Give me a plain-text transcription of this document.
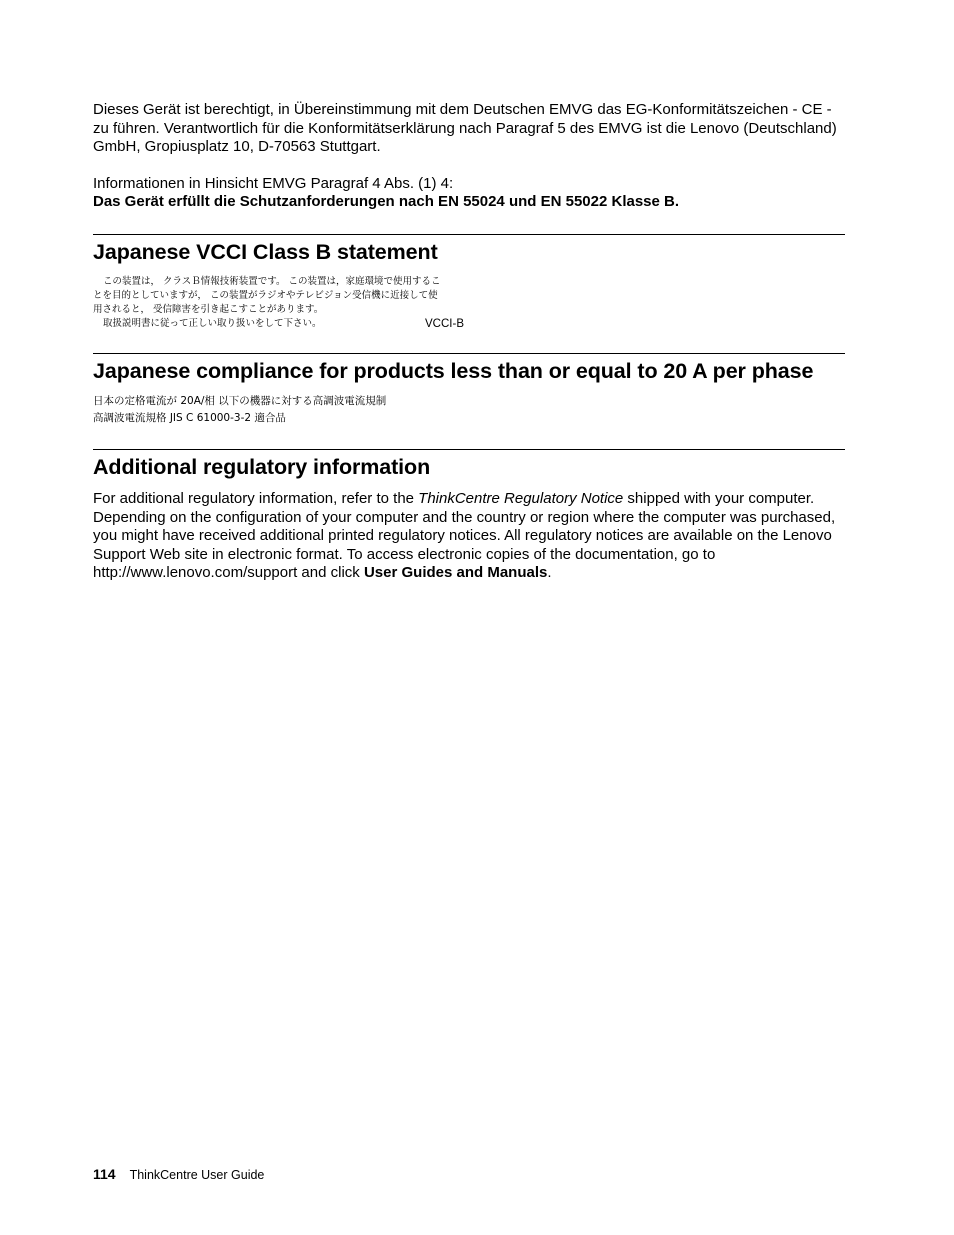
Dieses Gerät ist berechtigt, in Übereinstimmung mit dem Deutschen EMVG das EG-Konformitätszeichen - CE - zu führen. Verantwortlich für die Konformitätserklärung nach Paragraf 5 des EMVG ist die Lenovo (Deutschland) GmbH, Gropiusplatz 10, D-70563 Stuttgart.

Informationen in Hinsicht EMVG Paragraf 4 Abs. (1) 4:

Das Gerät erfüllt die Schutzanforderungen nach EN 55024 und EN 55022 Klasse B.

Japanese VCCI Class B statement
この装置は， クラスＢ情報技術装置です。 この装置は，家庭環境で使用するこ
とを目的としていますが， この装置がラジオやテレビジョン受信機に近接して使
用されると， 受信障害を引き起こすことがあります。
取扱説明書に従って正しい取り扱いをして下さい。	VCCI-B
Japanese compliance for products less than or equal to 20 A per phase
日本の定格電流が 20A/相 以下の機器に対する高調波電流規制
高調波電流規格 JIS C 61000-3-2 適合品
Additional regulatory information

For additional regulatory information, refer to the ThinkCentre Regulatory Notice shipped with your computer. Depending on the configuration of your computer and the country or region where the computer was purchased, you might have received additional printed regulatory notices. All regulatory notices are available on the Lenovo Support Web site in electronic format. To access electronic copies of the documentation, go to http://www.lenovo.com/support and click User Guides and Manuals.

114 ThinkCentre User Guide
